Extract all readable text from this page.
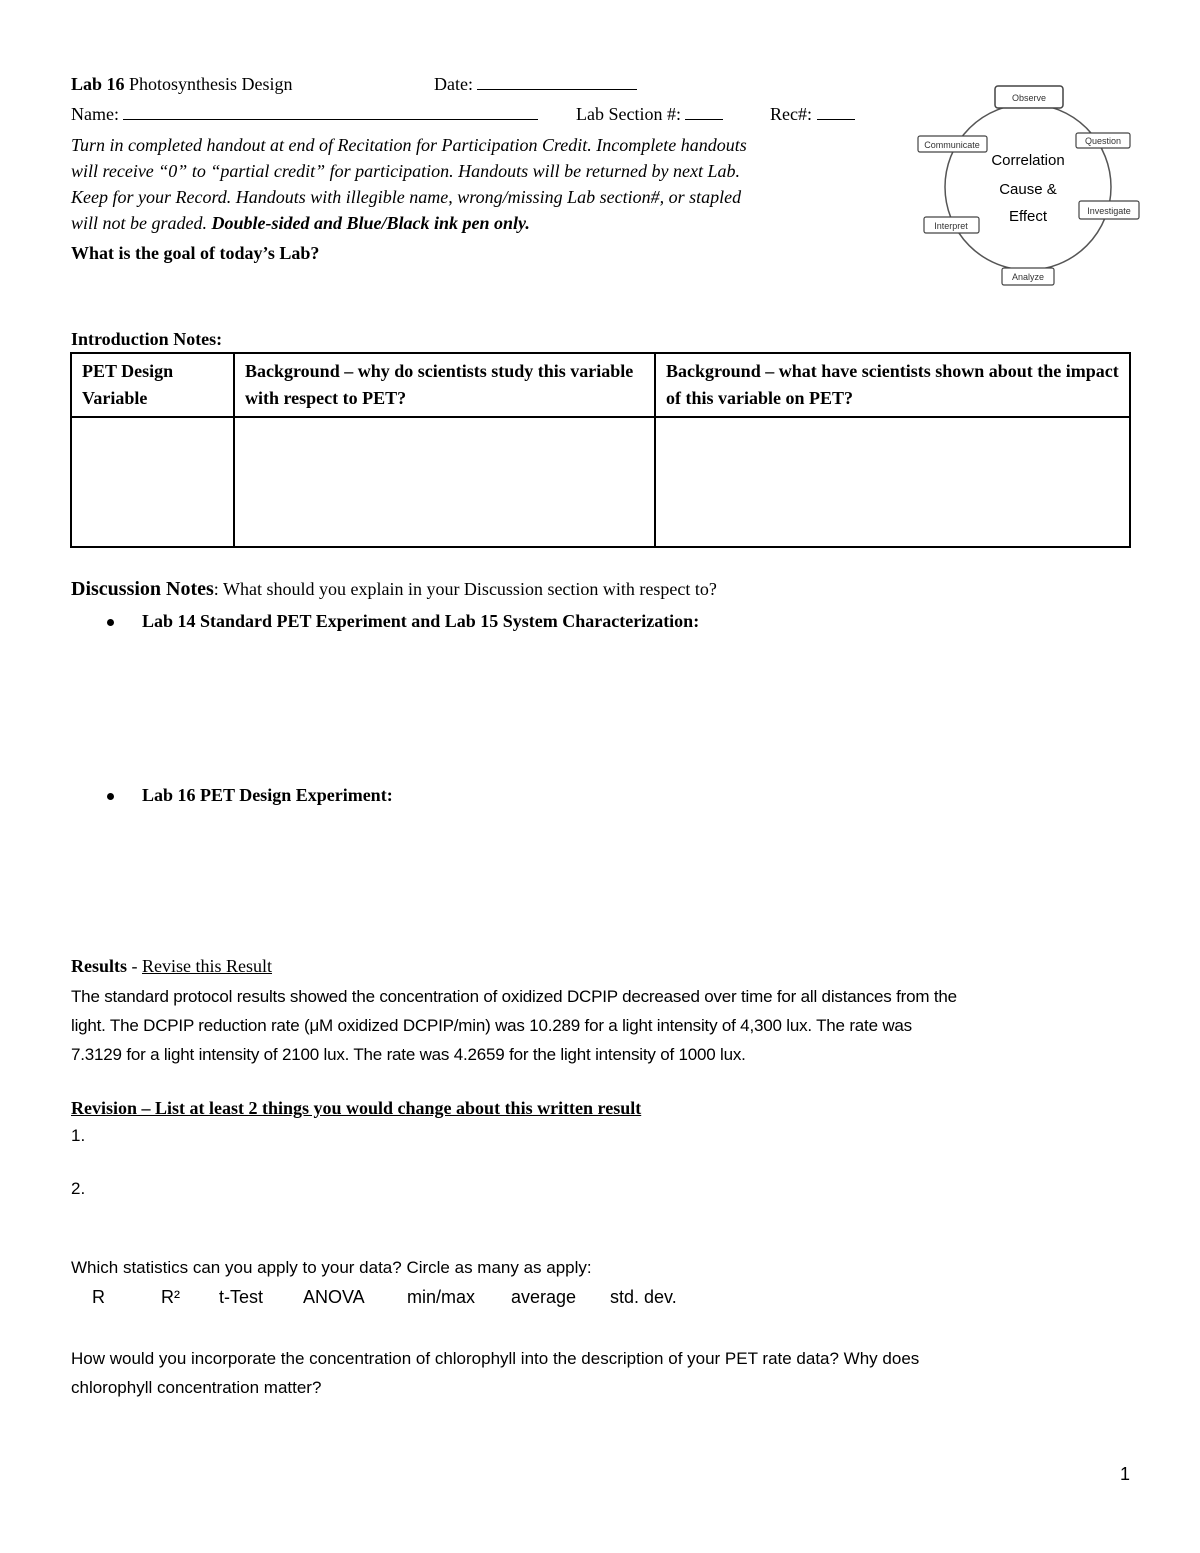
Lab 16 Photosynthesis Design	Date:
Name:	Lab Section #:	Rec#:
Turn in completed handout at end of Recitation for Participation Credit. Incomplete handouts
will receive “0” to “partial credit” for participation. Handouts will be returned by next Lab.
Keep for your Record. Handouts with illegible name, wrong/missing Lab section#, or stapled
will not be graded. Double-sided and Blue/Black ink pen only.
What is the goal of today’s Lab?
Observe
Question
Investigate
Analyze
Interpret
Communicate
Correlation
Cause &
Effect
Introduction Notes:
PET Design Variable	Background – why do scientists study this variable with respect to PET?	Background – what have scientists shown about the impact of this variable on PET?

Discussion Notes: What should you explain in your Discussion section with respect to?
Lab 14 Standard PET Experiment and Lab 15 System Characterization:
Lab 16 PET Design Experiment:
Results - Revise this Result
The standard protocol results showed the concentration of oxidized DCPIP decreased over time for all distances from the
light. The DCPIP reduction rate (μM oxidized DCPIP/min) was 10.289 for a light intensity of 4,300 lux. The rate was
7.3129 for a light intensity of 2100 lux. The rate was 4.2659 for the light intensity of 1000 lux.
Revision – List at least 2 things you would change about this written result
1.
2.
Which statistics can you apply to your data? Circle as many as apply:
R	R² t-Test ANOVA min/max average std. dev.
How would you incorporate the concentration of chlorophyll into the description of your PET rate data? Why does
chlorophyll concentration matter?
1
